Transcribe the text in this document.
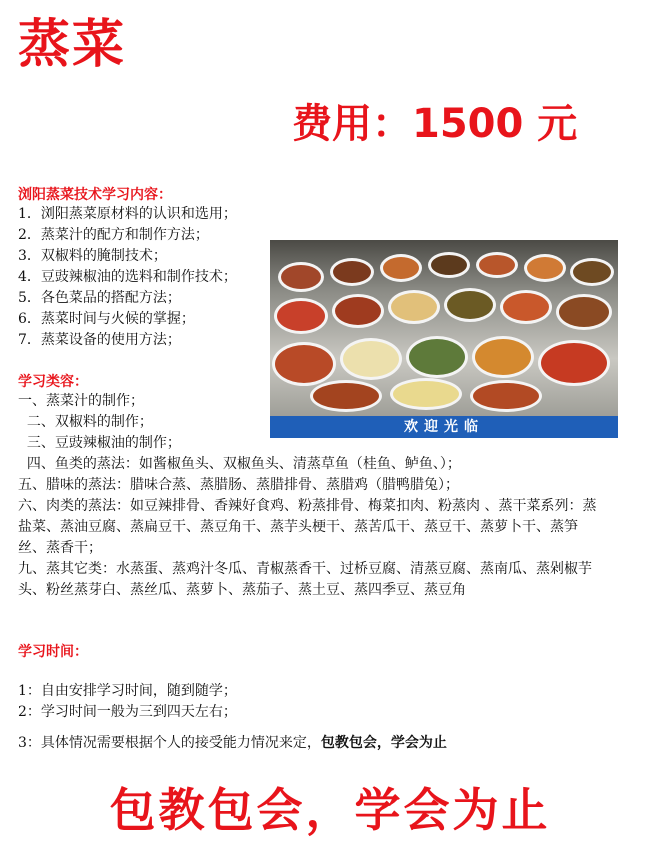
蒸菜
费用：1500 元
浏阳蒸菜技术学习内容：
1．浏阳蒸菜原材料的认识和选用；
2．蒸菜汁的配方和制作方法；
3．双椒料的腌制技术；
4．豆豉辣椒油的选料和制作技术；
5．各色菜品的搭配方法；
6．蒸菜时间与火候的掌握；
7．蒸菜设备的使用方法；
欢迎光临
学习类容：
一、蒸菜汁的制作；
二、双椒料的制作；
三、豆豉辣椒油的制作；
四、鱼类的蒸法：如酱椒鱼头、双椒鱼头、清蒸草鱼（桂鱼、鲈鱼、）；
五、腊味的蒸法：腊味合蒸、蒸腊肠、蒸腊排骨、蒸腊鸡（腊鸭腊兔）；
六、肉类的蒸法：如豆辣排骨、香辣好食鸡、粉蒸排骨、梅菜扣肉、粉蒸肉 、蒸干菜系列：蒸盐菜、蒸油豆腐、蒸扁豆干、蒸豆角干、蒸芋头梗干、蒸苦瓜干、蒸豆干、蒸萝卜干、蒸笋丝、蒸香干；
九、蒸其它类：水蒸蛋、蒸鸡汁冬瓜、青椒蒸香干、过桥豆腐、清蒸豆腐、蒸南瓜、蒸剁椒芋头、粉丝蒸芽白、蒸丝瓜、蒸萝卜、蒸茄子、蒸土豆、蒸四季豆、蒸豆角
学习时间：
1：自由安排学习时间，随到随学；
2：学习时间一般为三到四天左右；
3：具体情况需要根据个人的接受能力情况来定，包教包会，学会为止
包教包会，学会为止
